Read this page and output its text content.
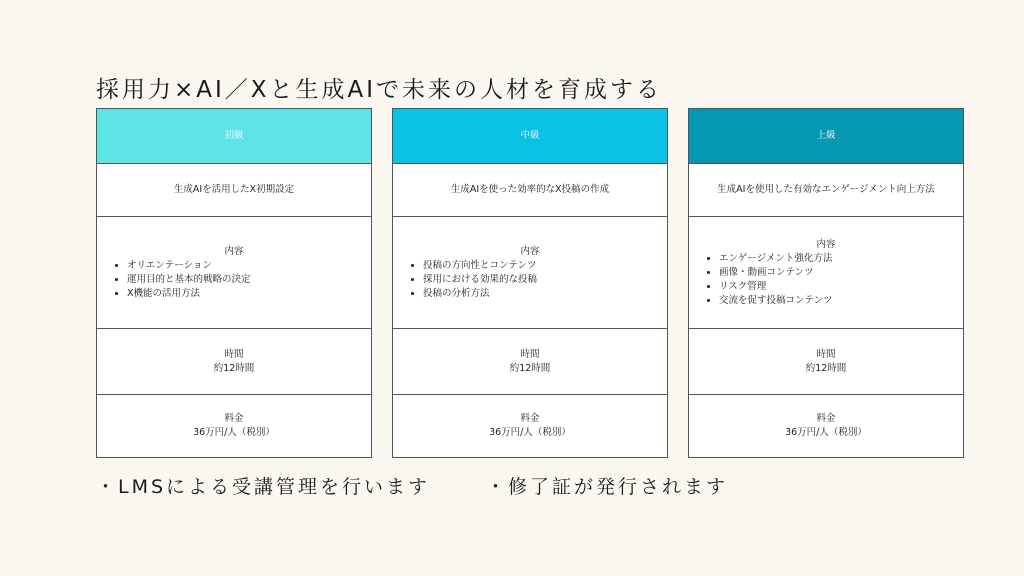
採用力×AI／Xと生成AIで未来の人材を育成する
初級
生成AIを活用したX初期設定
内容
• オリエンテーション
• 運用目的と基本的戦略の決定
• X機能の活用方法
時間
約12時間
料金
36万円/人（税別）
中級
生成AIを使った効率的なX投稿の作成
内容
• 投稿の方向性とコンテンツ
• 採用における効果的な投稿
• 投稿の分析方法
時間
約12時間
料金
36万円/人（税別）
上級
生成AIを使用した有効なエンゲージメント向上方法
内容
• エンゲージメント強化方法
• 画像・動画コンテンツ
• リスク管理
• 交流を促す投稿コンテンツ
時間
約12時間
料金
36万円/人（税別）
・LMSによる受講管理を行います	・修了証が発行されます
